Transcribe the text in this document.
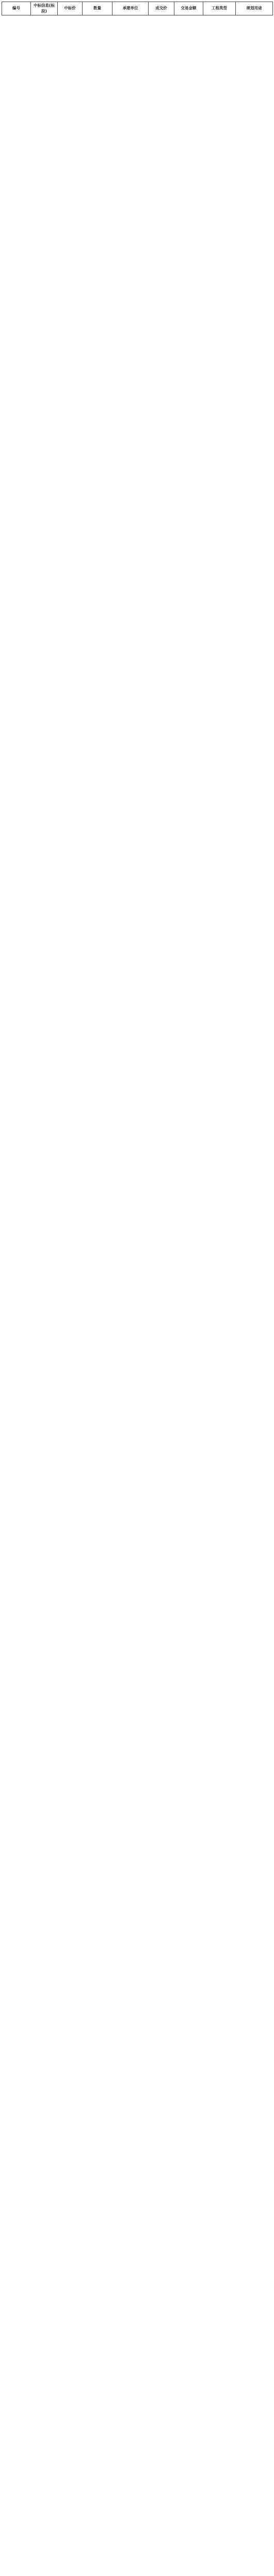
编号	中标信息(标段)	中标价	数量	承建单位	成交价	交易金额	工程类型	规划用途
